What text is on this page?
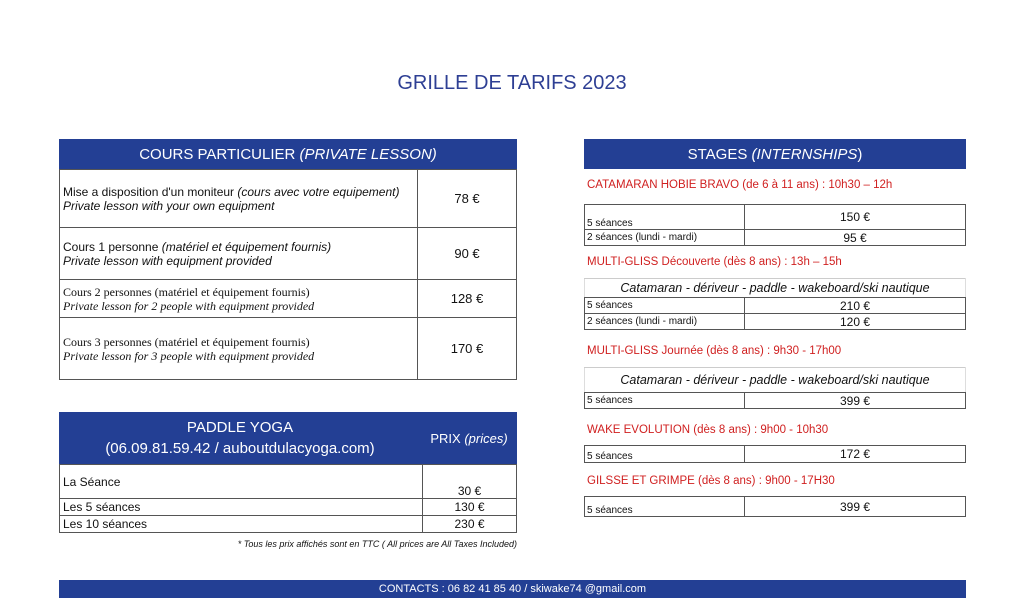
GRILLE DE TARIFS 2023
COURS PARTICULIER
(PRIVATE LESSON)
Mise a disposition d'un moniteur (cours avec votre equipement)
Private lesson with your own equipment	78 €
Cours 1 personne (matériel et équipement fournis)
Private lesson with equipment provided	90 €
Cours 2 personnes (matériel et équipement fournis)
Private lesson for 2 people with equipment provided	128 €
Cours 3 personnes (matériel et équipement fournis)
Private lesson for 3 people with equipment provided	170 €
PADDLE YOGA
(06.09.81.59.42 / auboutdulacyoga.com)
PRIX (prices)
La Séance	30 €
Les 5 séances	130 €
Les 10 séances	230 €
* Tous les prix affichés sont en TTC ( All prices are All Taxes Included)
STAGES
(INTERNSHIPS )
CATAMARAN HOBIE BRAVO (de 6 à 11 ans) : 10h30 – 12h
5 séances	150 €
2 séances (lundi - mardi)	95 €
MULTI-GLISS Découverte (dès 8 ans) : 13h – 15h
Catamaran - dériveur - paddle - wakeboard/ski nautique	
5 séances	210 €
2 séances (lundi - mardi)	120 €
MULTI-GLISS Journée (dès 8 ans) : 9h30 - 17h00
Catamaran - dériveur - paddle - wakeboard/ski nautique
5 séances	399 €
WAKE EVOLUTION (dès 8 ans) : 9h00 - 10h30
5 séances	172 €
GILSSE ET GRIMPE (dès 8 ans) : 9h00 - 17H30
5 séances	399 €
CONTACTS : 06 82 41 85 40 / skiwake74 @gmail.com
